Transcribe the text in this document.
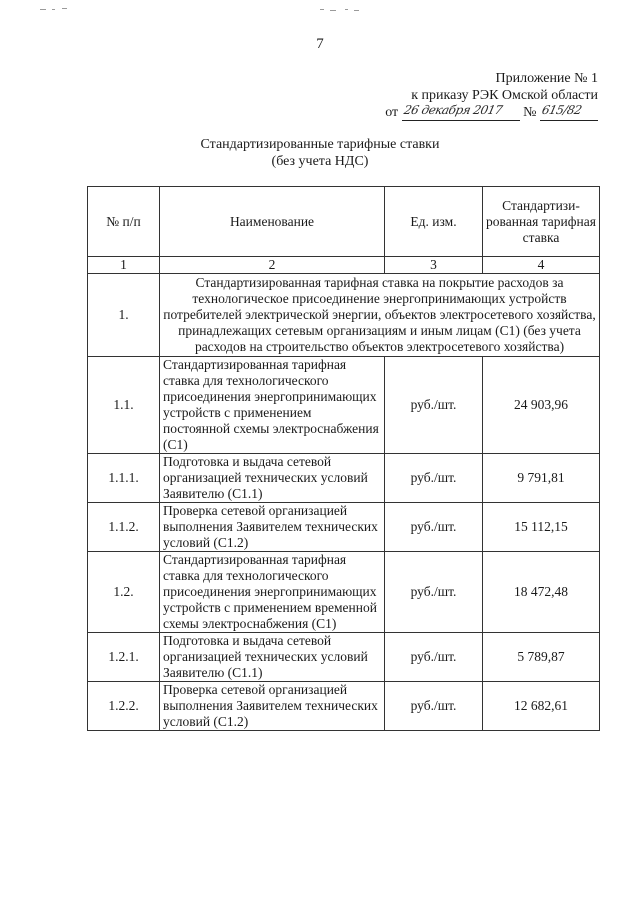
7
Приложение № 1
к приказу РЭК Омской области
от 26 декабря 2017 № 615/82
Стандартизированные тарифные ставки
(без учета НДС)
№ п/п	Наименование	Ед. изм.	Стандартизи-рованная тарифная ставка
1	2	3	4
1.	Стандартизированная тарифная ставка на покрытие расходов за технологическое присоединение энергопринимающих устройств потребителей электрической энергии, объектов электросетевого хозяйства, принадлежащих сетевым организациям и иным лицам (С1) (без учета расходов на строительство объектов электросетевого хозяйства)		
1.1.	Стандартизированная тарифная ставка для технологического присоединения энергопринимающих устройств с применением постоянной схемы электроснабжения (С1)	руб./шт.	24 903,96
1.1.1.	Подготовка и выдача сетевой организацией технических условий Заявителю (С1.1)	руб./шт.	9 791,81
1.1.2.	Проверка сетевой организацией выполнения Заявителем технических условий (С1.2)	руб./шт.	15 112,15
1.2.	Стандартизированная тарифная ставка для технологического присоединения энергопринимающих устройств с применением временной схемы электроснабжения (С1)	руб./шт.	18 472,48
1.2.1.	Подготовка и выдача сетевой организацией технических условий Заявителю (С1.1)	руб./шт.	5 789,87
1.2.2.	Проверка сетевой организацией выполнения Заявителем технических условий (С1.2)	руб./шт.	12 682,61
